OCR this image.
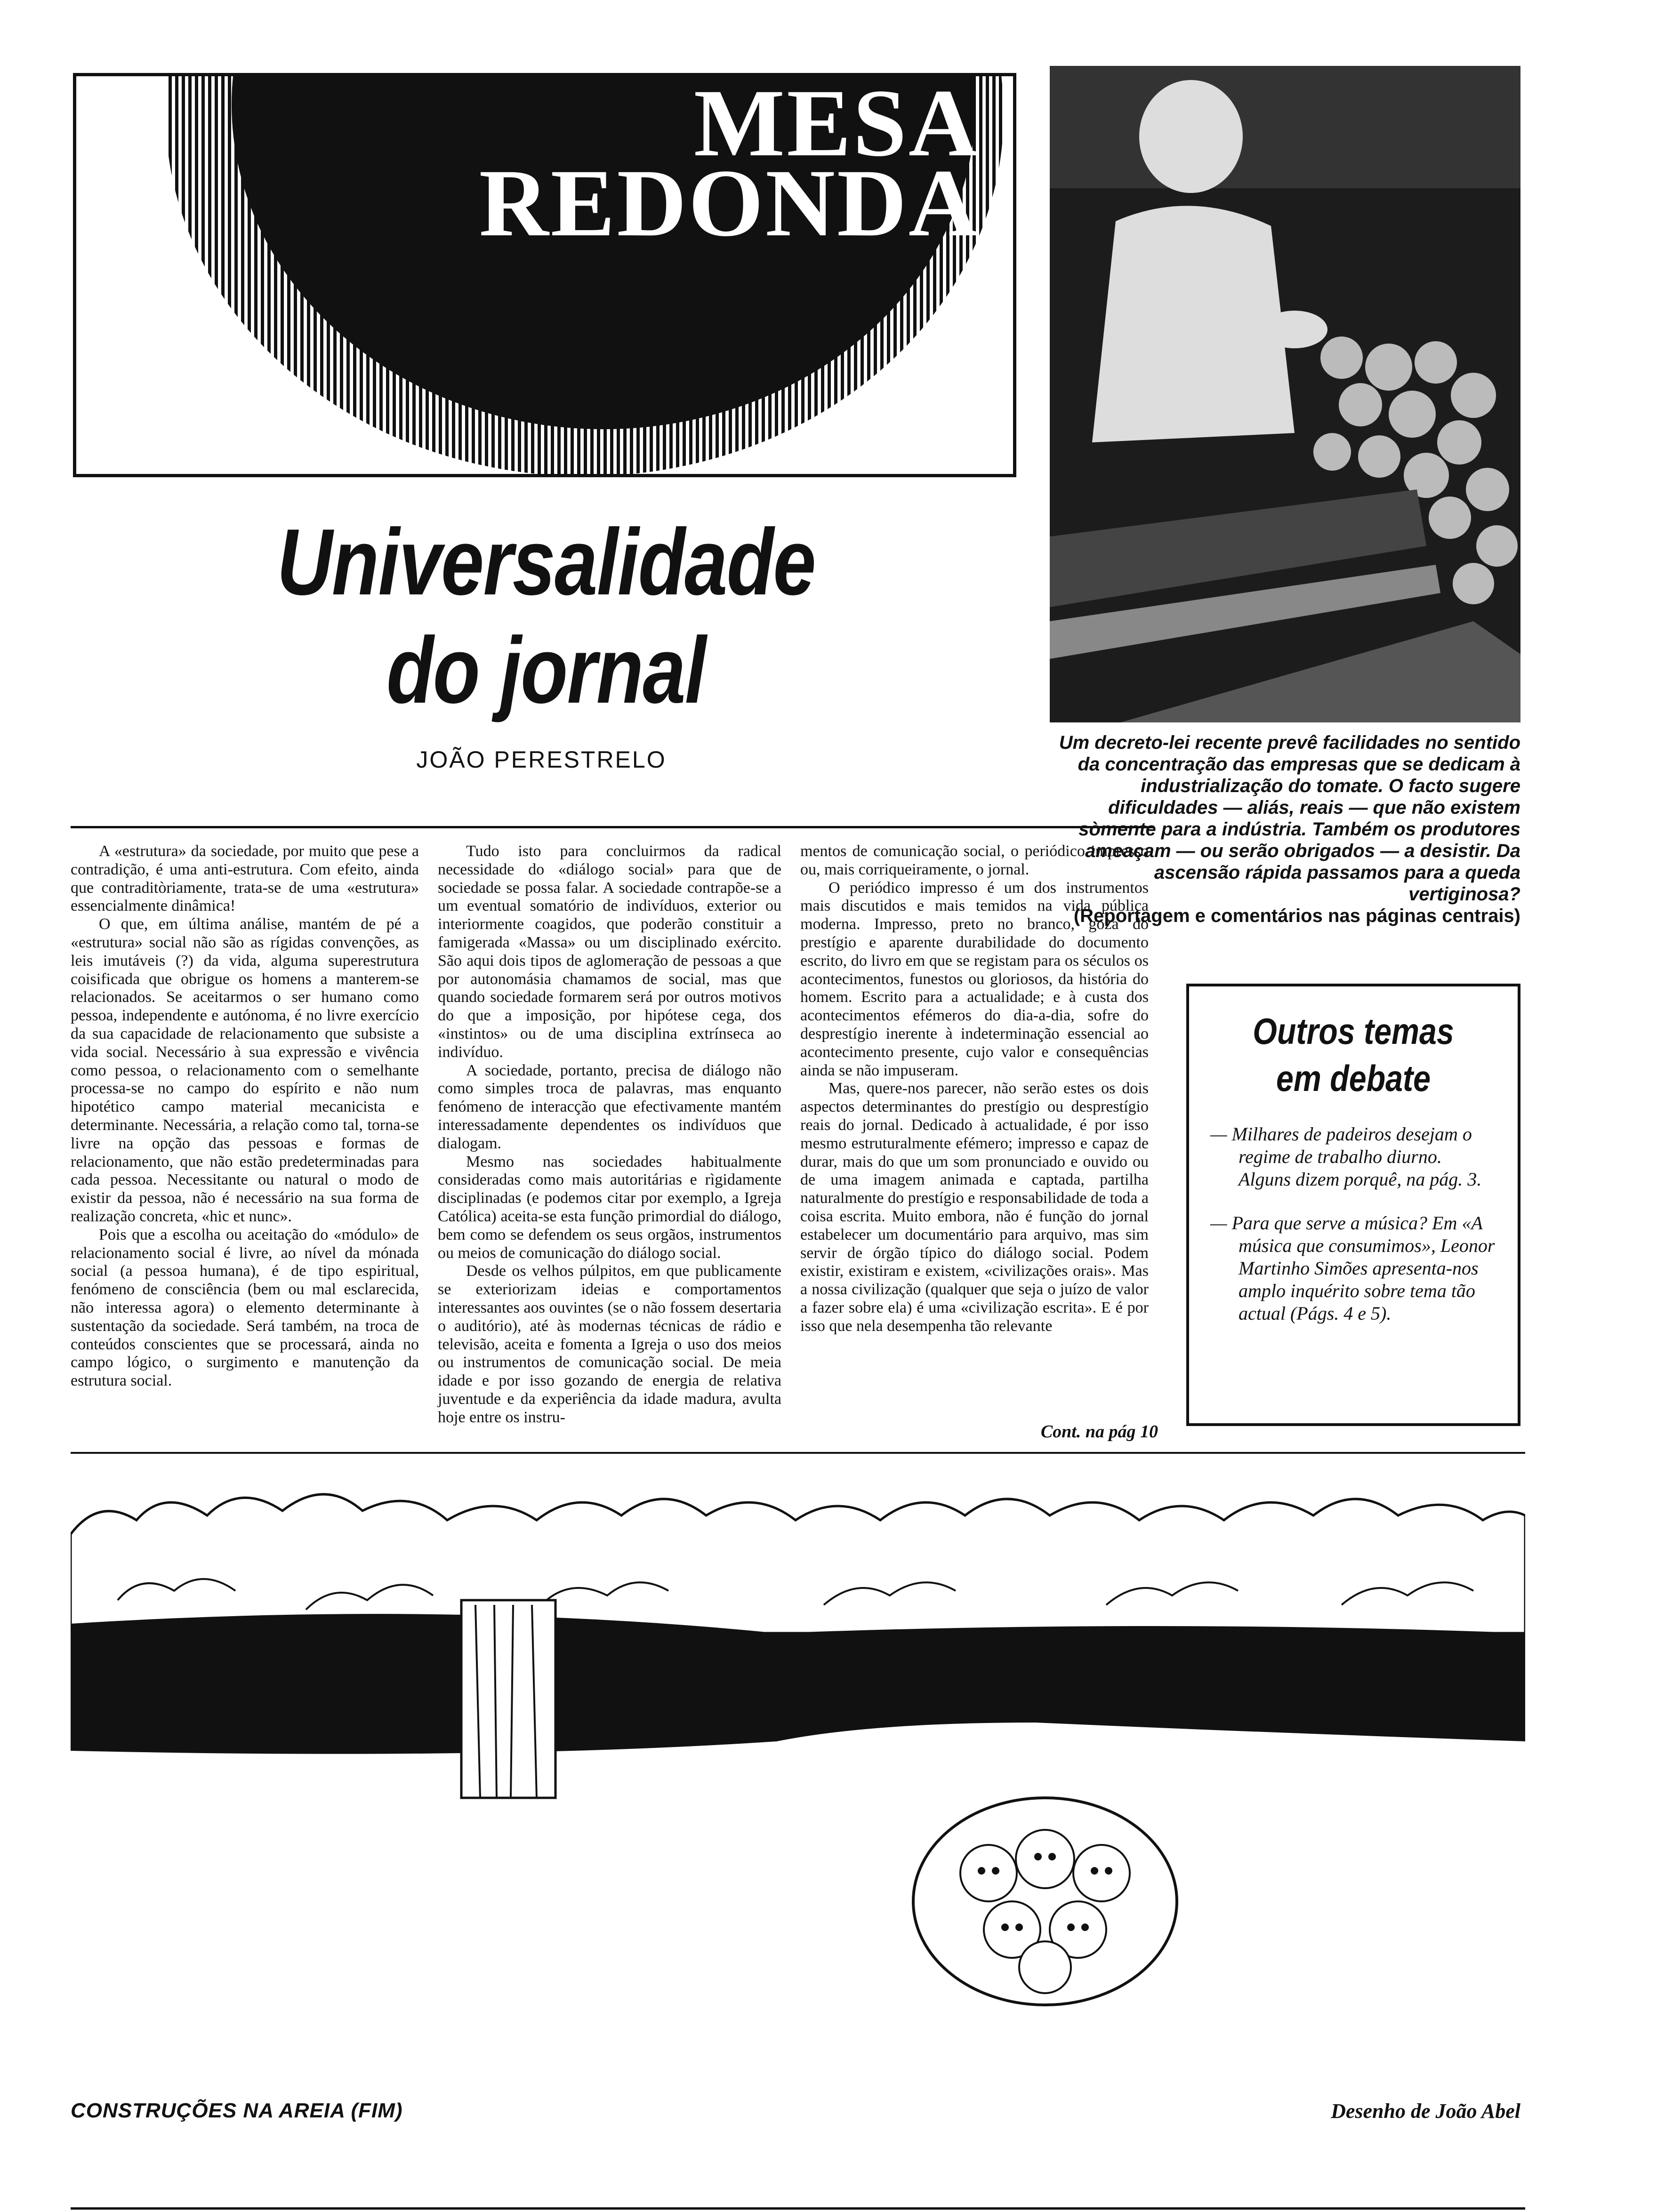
MESA
REDONDA
Universalidade
do jornal
JOÃO PERESTRELO

A «estrutura» da sociedade, por muito que pese a contradição, é uma anti-estrutura. Com efeito, ainda que contraditòriamente, trata-se de uma «estrutura» essencialmente dinâmica!

O que, em última análise, mantém de pé a «estrutura» social não são as rígidas convenções, as leis imutáveis (?) da vida, alguma superestrutura coisificada que obrigue os homens a manterem-se relacionados. Se aceitarmos o ser humano como pessoa, independente e autónoma, é no livre exercício da sua capacidade de relacionamento que subsiste a vida social. Necessário à sua expressão e vivência como pessoa, o relacionamento com o semelhante processa-se no campo do espírito e não num hipotético campo material mecanicista e determinante. Necessária, a relação como tal, torna-se livre na opção das pessoas e formas de relacionamento, que não estão predeterminadas para cada pessoa. Necessitante ou natural o modo de existir da pessoa, não é necessário na sua forma de realização concreta, «hic et nunc».

Pois que a escolha ou aceitação do «módulo» de relacionamento social é livre, ao nível da mónada social (a pessoa humana), é de tipo espiritual, fenómeno de consciência (bem ou mal esclarecida, não interessa agora) o elemento determinante à sustentação da sociedade. Será também, na troca de conteúdos conscientes que se processará, ainda no campo lógico, o surgimento e manutenção da estrutura social.

Tudo isto para concluirmos da radical necessidade do «diálogo social» para que de sociedade se possa falar. A sociedade contrapõe-se a um eventual somatório de indivíduos, exterior ou interiormente coagidos, que poderão constituir a famigerada «Massa» ou um disciplinado exército. São aqui dois tipos de aglomeração de pessoas a que por autonomásia chamamos de social, mas que quando sociedade formarem será por outros motivos do que a imposição, por hipótese cega, dos «instintos» ou de uma disciplina extrínseca ao indivíduo.

A sociedade, portanto, precisa de diálogo não como simples troca de palavras, mas enquanto fenómeno de interacção que efectivamente mantém interessadamente dependentes os indivíduos que dialogam.

Mesmo nas sociedades habitualmente consideradas como mais autoritárias e rìgidamente disciplinadas (e podemos citar por exemplo, a Igreja Católica) aceita-se esta função primordial do diálogo, bem como se defendem os seus orgãos, instrumentos ou meios de comunicação do diálogo social.

Desde os velhos púlpitos, em que publicamente se exteriorizam ideias e comportamentos interessantes aos ouvintes (se o não fossem desertaria o auditório), até às modernas técnicas de rádio e televisão, aceita e fomenta a Igreja o uso dos meios ou instrumentos de comunicação social. De meia idade e por isso gozando de energia de relativa juventude e da experiência da idade madura, avulta hoje entre os instru-

mentos de comunicação social, o periódico impresso ou, mais corriqueiramente, o jornal.

O periódico impresso é um dos instrumentos mais discutidos e mais temidos na vida pública moderna. Impresso, preto no branco, goza do prestígio e aparente durabilidade do documento escrito, do livro em que se registam para os séculos os acontecimentos, funestos ou gloriosos, da história do homem. Escrito para a actualidade; e à custa dos acontecimentos efémeros do dia-a-dia, sofre do desprestígio inerente à indeterminação essencial ao acontecimento presente, cujo valor e consequências ainda se não impuseram.

Mas, quere-nos parecer, não serão estes os dois aspectos determinantes do prestígio ou desprestígio reais do jornal. Dedicado à actualidade, é por isso mesmo estruturalmente efémero; impresso e capaz de durar, mais do que um som pronunciado e ouvido ou de uma imagem animada e captada, partilha naturalmente do prestígio e responsabilidade de toda a coisa escrita. Muito embora, não é função do jornal estabelecer um documentário para arquivo, mas sim servir de órgão típico do diálogo social. Podem existir, existiram e existem, «civilizações orais». Mas a nossa civilização (qualquer que seja o juízo de valor a fazer sobre ela) é uma «civilização escrita». E é por isso que nela desempenha tão relevante

Cont. na pág 10
Um decreto-lei recente prevê facilidades no sentido da concentração das empresas que se dedicam à industrialização do tomate. O facto sugere dificuldades — aliás, reais — que não existem sòmente para a indústria. Também os produtores ameaçam — ou serão obrigados — a desistir. Da ascensão rápida passamos para a queda vertiginosa?
(Reportagem e comentários nas páginas centrais)
Outros temas
em debate
— Milhares de padeiros desejam o regime de trabalho diurno. Alguns dizem porquê, na pág. 3.
— Para que serve a música? Em «A música que consumimos», Leonor Martinho Simões apresenta-nos amplo inquérito sobre tema tão actual (Págs. 4 e 5).
CONSTRUÇÕES NA AREIA (FIM)	Desenho de João Abel
